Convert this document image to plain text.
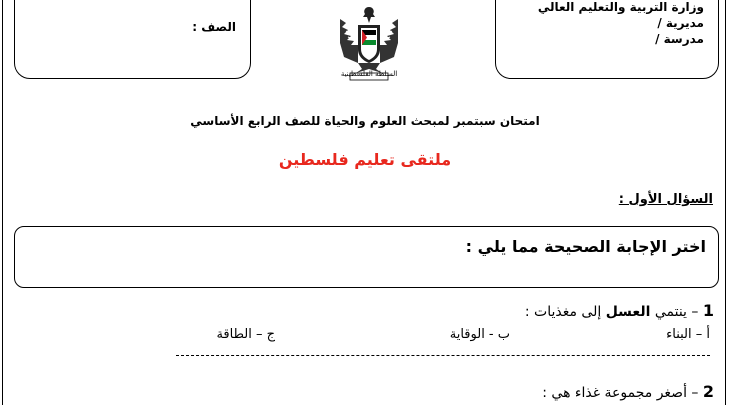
وزارة التربية والتعليم العالي
مديرية /
مدرسة /
الصف :
السلطة الفلسطينية
امتحان سبتمبر لمبحث العلوم والحياة للصف الرابع الأساسي
ملتقى تعليم فلسطين
السؤال الأول :
اختر الإجابة الصحيحة مما يلي :
1 – ينتمي العسل إلى مغذيات :
أ – البناء
ب - الوقاية
ج – الطاقة
2 – أصغر مجموعة غذاء هي :
